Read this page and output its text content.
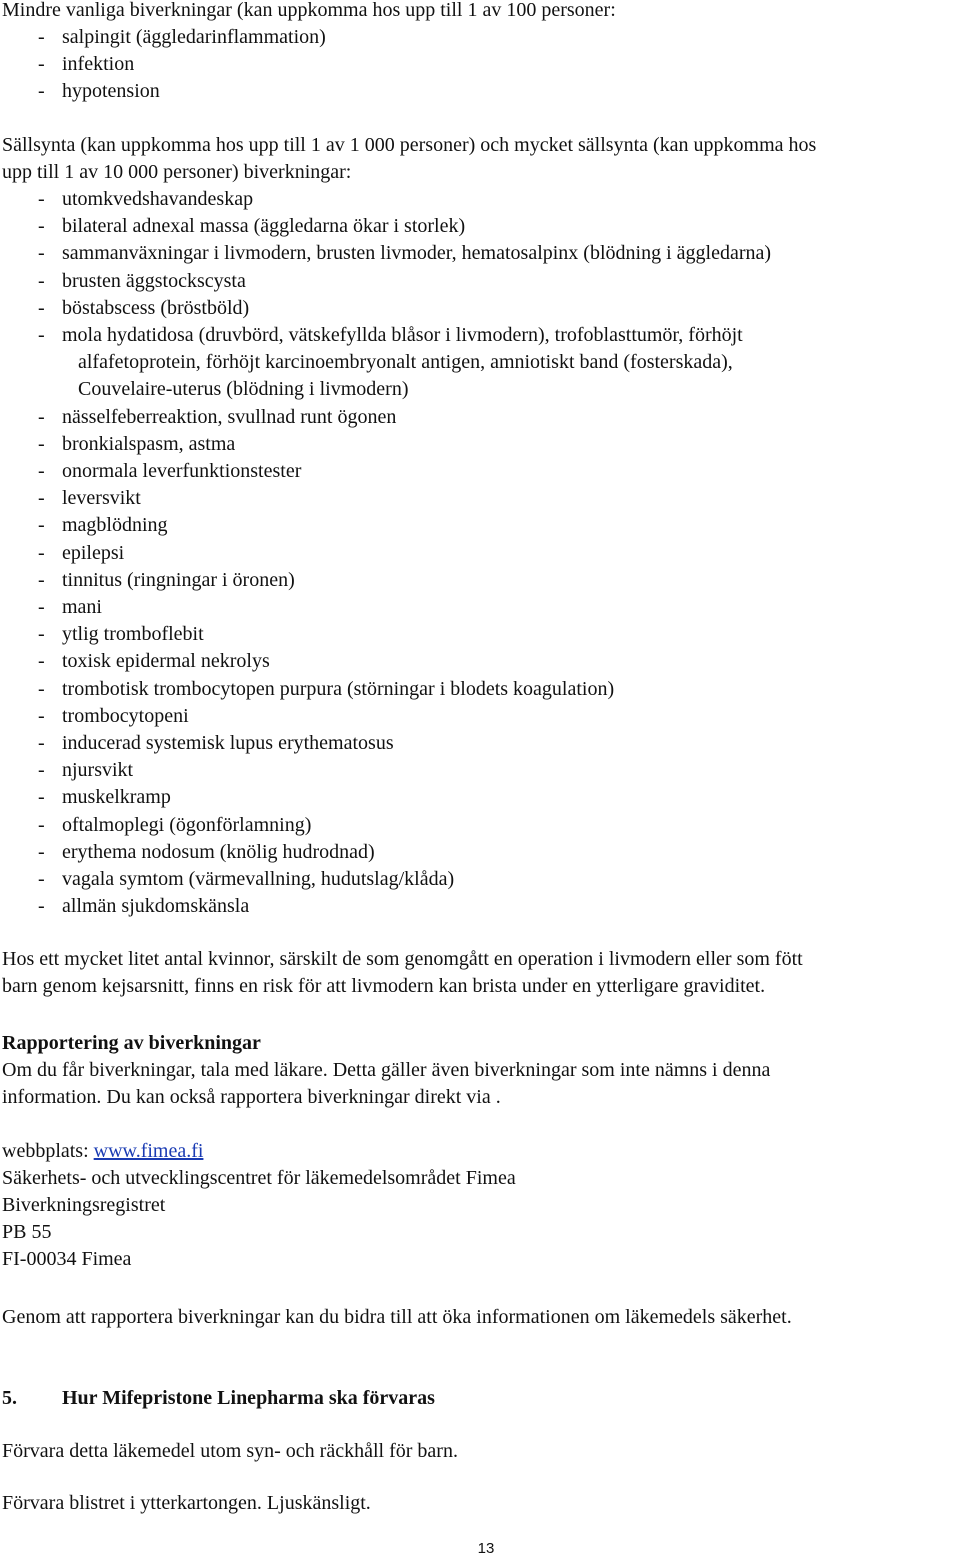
Mindre vanliga biverkningar (kan uppkomma hos upp till 1 av 100 personer:

- salpingit (äggledarinflammation)
- infektion
- hypotension

Sällsynta (kan uppkomma hos upp till 1 av 1 000 personer) och mycket sällsynta (kan uppkomma hos

upp till 1 av 10 000 personer) biverkningar:

- utomkvedshavandeskap
- bilateral adnexal massa (äggledarna ökar i storlek)
- sammanväxningar i livmodern, brusten livmoder, hematosalpinx (blödning i äggledarna)
- brusten äggstockscysta
- böstabscess (bröstböld)
- mola hydatidosa (druvbörd, vätskefyllda blåsor i livmodern), trofoblasttumör, förhöjt
alfafetoprotein, förhöjt karcinoembryonalt antigen, amniotiskt band (fosterskada),
Couvelaire-uterus (blödning i livmodern)
- nässelfeberreaktion, svullnad runt ögonen
- bronkialspasm, astma
- onormala leverfunktionstester
- leversvikt
- magblödning
- epilepsi
- tinnitus (ringningar i öronen)
- mani
- ytlig tromboflebit
- toxisk epidermal nekrolys
- trombotisk trombocytopen purpura (störningar i blodets koagulation)
- trombocytopeni
- inducerad systemisk lupus erythematosus
- njursvikt
- muskelkramp
- oftalmoplegi (ögonförlamning)
- erythema nodosum (knölig hudrodnad)
- vagala symtom (värmevallning, hudutslag/klåda)
- allmän sjukdomskänsla

Hos ett mycket litet antal kvinnor, särskilt de som genomgått en operation i livmodern eller som fött

barn genom kejsarsnitt, finns en risk för att livmodern kan brista under en ytterligare graviditet.

Rapportering av biverkningar

Om du får biverkningar, tala med läkare. Detta gäller även biverkningar som inte nämns i denna

information. Du kan också rapportera biverkningar direkt via .

webbplats: www.fimea.fi

Säkerhets- och utvecklingscentret för läkemedelsområdet Fimea

Biverkningsregistret

PB 55

FI-00034 Fimea

Genom att rapportera biverkningar kan du bidra till att öka informationen om läkemedels säkerhet.

5. Hur Mifepristone Linepharma ska förvaras

Förvara detta läkemedel utom syn- och räckhåll för barn.

Förvara blistret i ytterkartongen. Ljuskänsligt.

13
